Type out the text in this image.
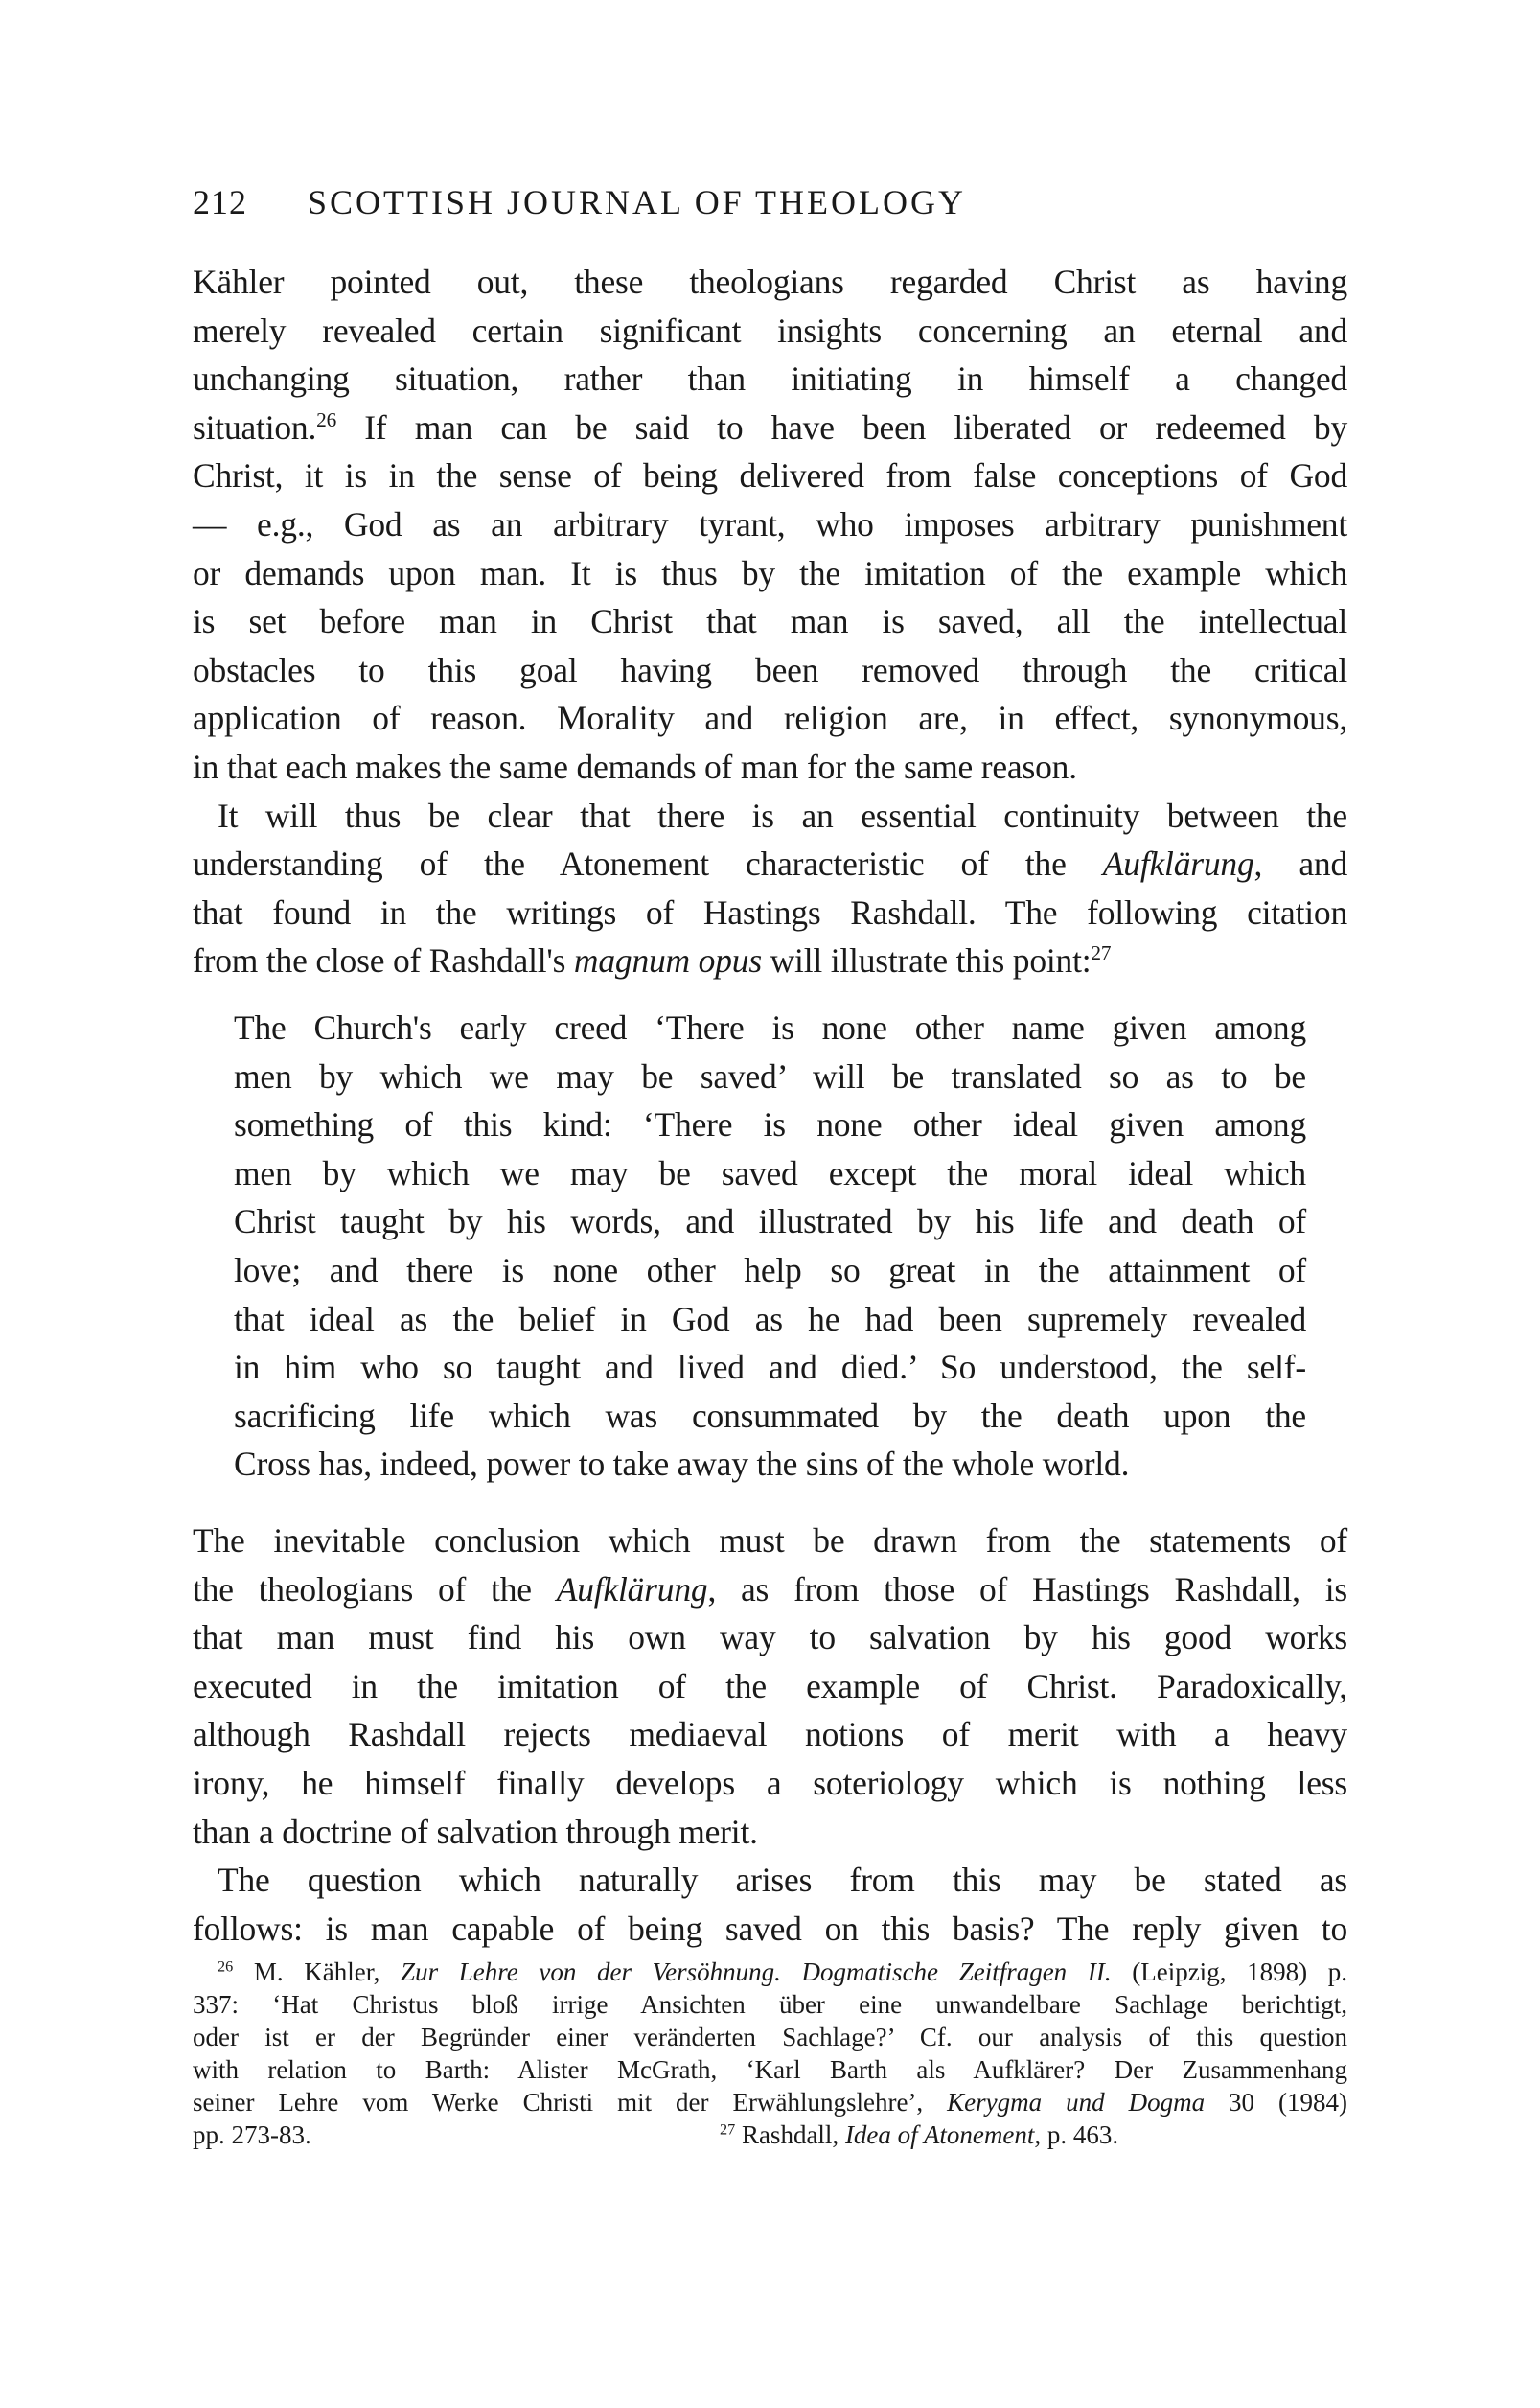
212 SCOTTISH JOURNAL OF THEOLOGY
Kähler pointed out, these theologians regarded Christ as having
merely revealed certain significant insights concerning an eternal and
unchanging situation, rather than initiating in himself a changed
situation.$^{26}$ If man can be said to have been liberated or redeemed by
Christ, it is in the sense of being delivered from false conceptions of God
— e.g., God as an arbitrary tyrant, who imposes arbitrary punishment
or demands upon man. It is thus by the imitation of the example which
is set before man in Christ that man is saved, all the intellectual
obstacles to this goal having been removed through the critical
application of reason. Morality and religion are, in effect, synonymous,
in that each makes the same demands of man for the same reason.
It will thus be clear that there is an essential continuity between the
understanding of the Atonement characteristic of the Aufklärung, and
that found in the writings of Hastings Rashdall. The following citation
from the close of Rashdall's magnum opus will illustrate this point:$^{27}$
The Church's early creed ‘There is none other name given among
men by which we may be saved’ will be translated so as to be
something of this kind: ‘There is none other ideal given among
men by which we may be saved except the moral ideal which
Christ taught by his words, and illustrated by his life and death of
love; and there is none other help so great in the attainment of
that ideal as the belief in God as he had been supremely revealed
in him who so taught and lived and died.’ So understood, the self-
sacrificing life which was consummated by the death upon the
Cross has, indeed, power to take away the sins of the whole world.
The inevitable conclusion which must be drawn from the statements of
the theologians of the Aufklärung, as from those of Hastings Rashdall, is
that man must find his own way to salvation by his good works
executed in the imitation of the example of Christ. Paradoxically,
although Rashdall rejects mediaeval notions of merit with a heavy
irony, he himself finally develops a soteriology which is nothing less
than a doctrine of salvation through merit.
The question which naturally arises from this may be stated as
follows: is man capable of being saved on this basis? The reply given to
$^{26}$ M. Kähler, Zur Lehre von der Versöhnung. Dogmatische Zeitfragen II. (Leipzig, 1898) p.
337: ‘Hat Christus bloß irrige Ansichten über eine unwandelbare Sachlage berichtigt,
oder ist er der Begründer einer veränderten Sachlage?’ Cf. our analysis of this question
with relation to Barth: Alister McGrath, ‘Karl Barth als Aufklärer? Der Zusammenhang
seiner Lehre vom Werke Christi mit der Erwählungslehre’, Kerygma und Dogma 30 (1984)
pp. 273-83.	$^{27}$ Rashdall, Idea of Atonement, p. 463.
